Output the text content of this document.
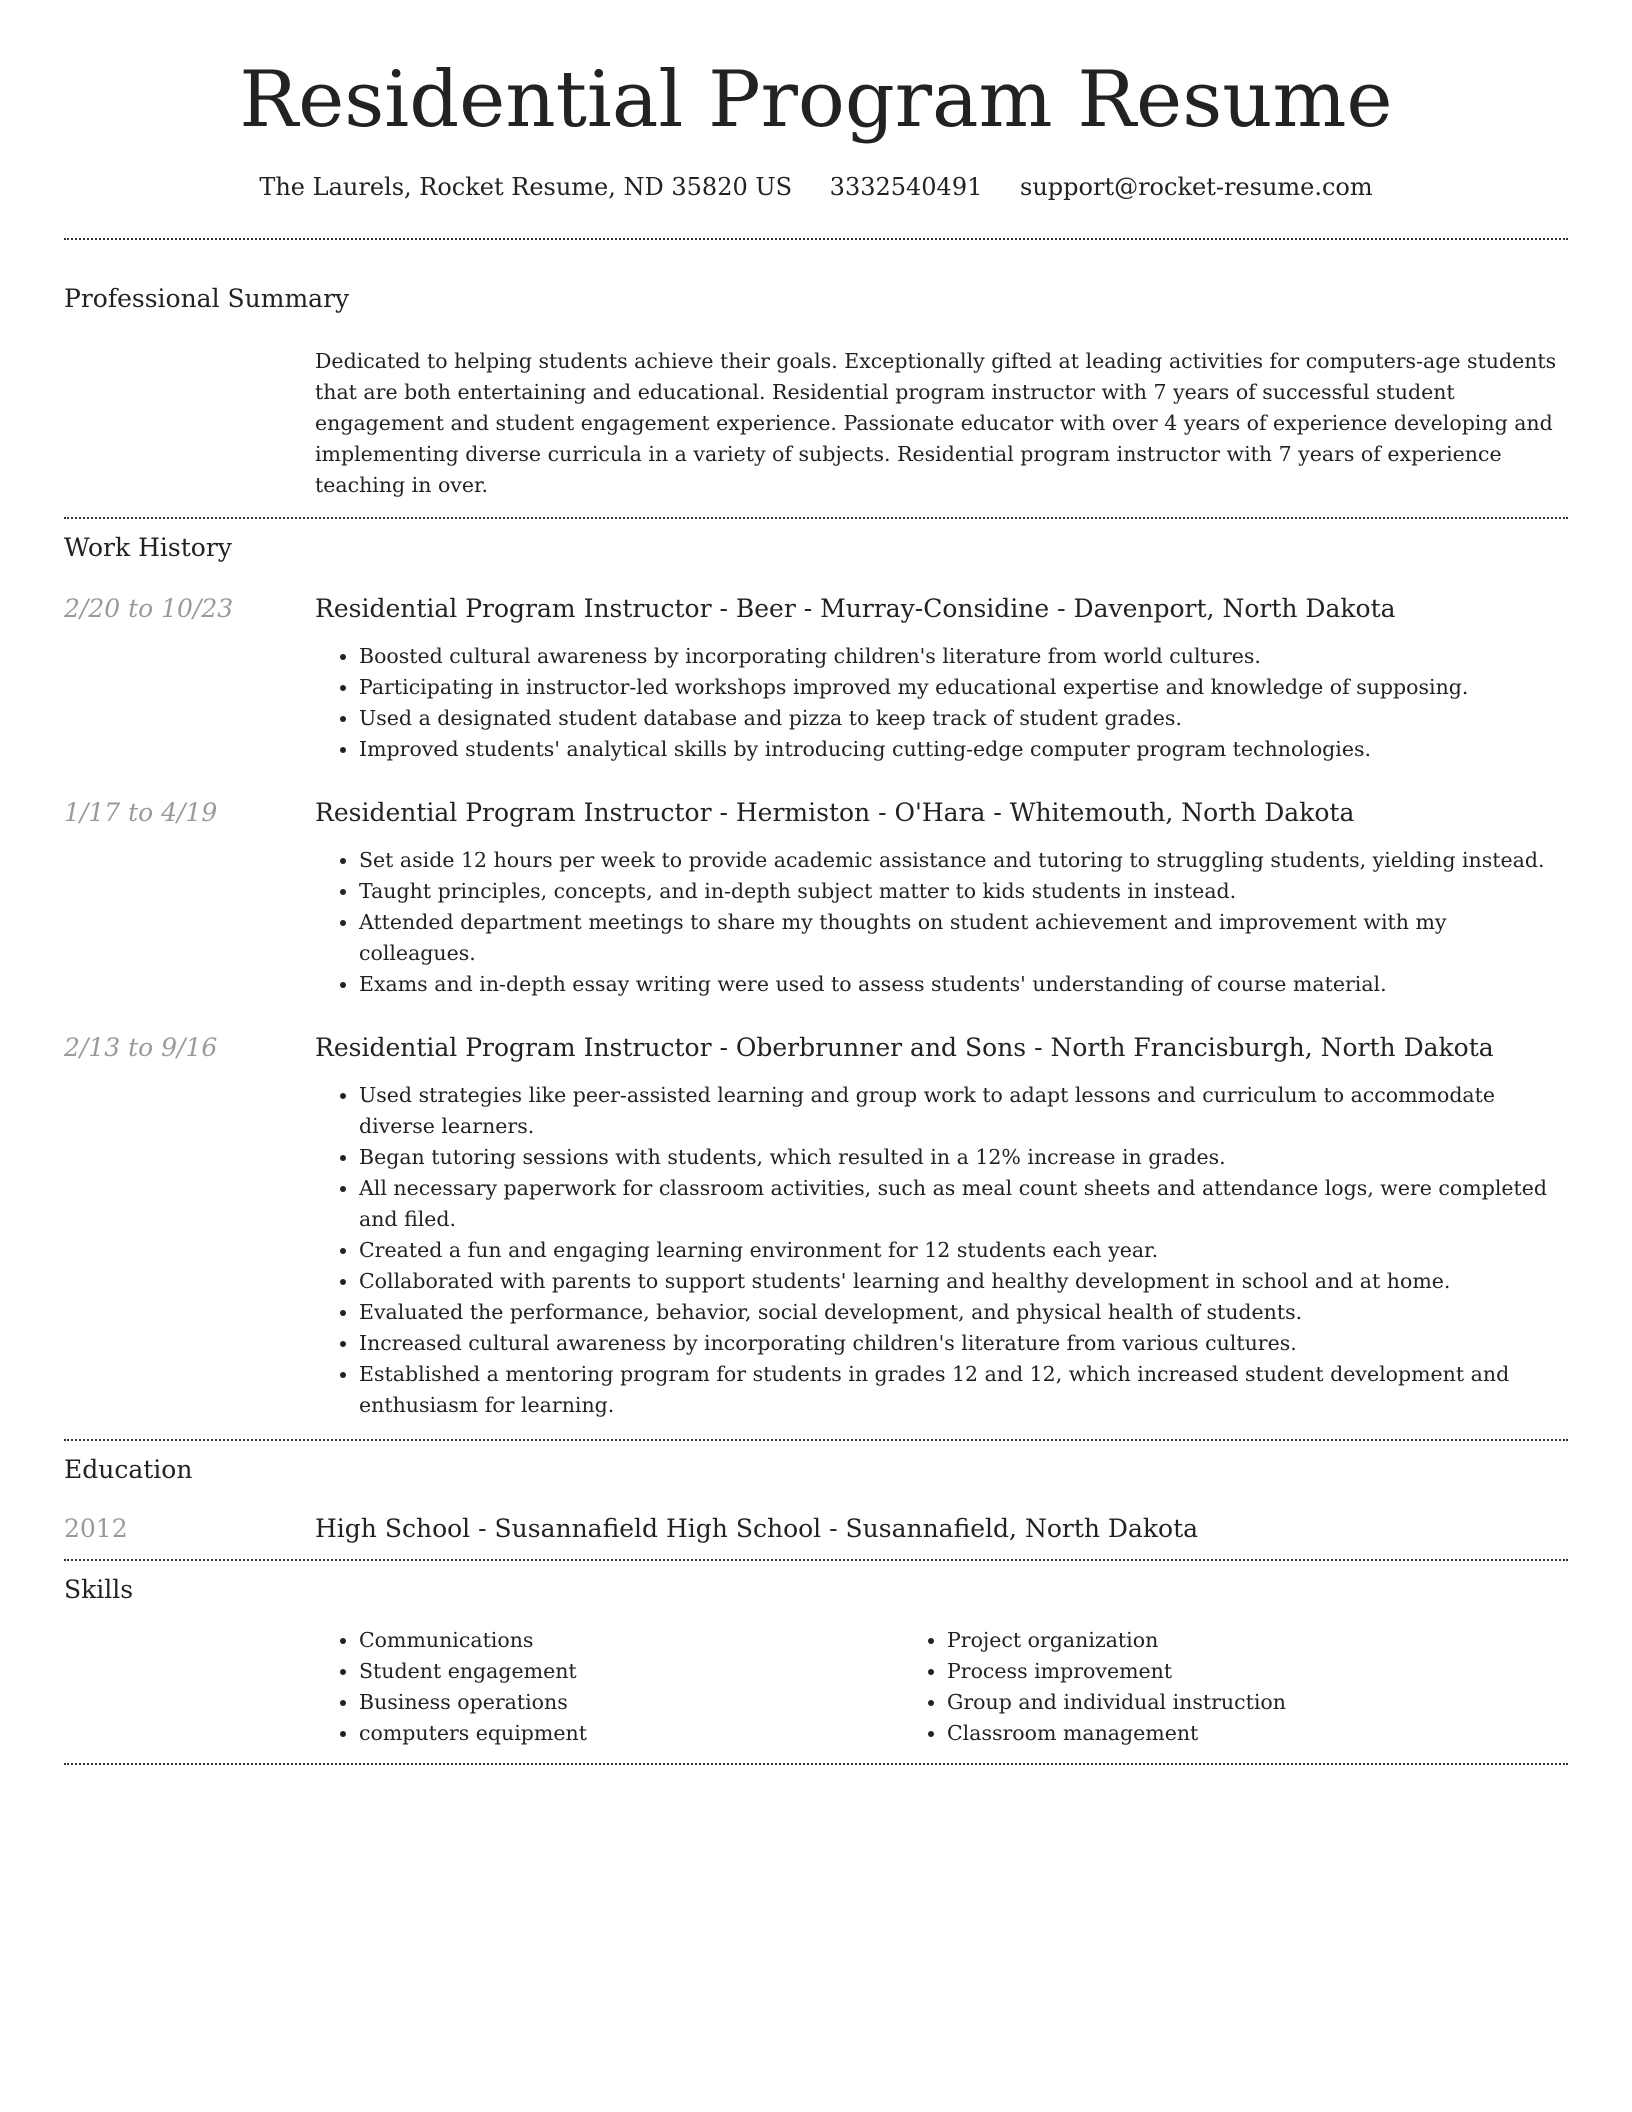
Residential Program Resume
The Laurels, Rocket Resume, ND 35820 US 3332540491 support@rocket-resume.com
Professional Summary
Dedicated to helping students achieve their goals. Exceptionally gifted at leading activities for computers-age students that are both entertaining and educational. Residential program instructor with 7 years of successful student engagement and student engagement experience. Passionate educator with over 4 years of experience developing and implementing diverse curricula in a variety of subjects. Residential program instructor with 7 years of experience teaching in over.
Work History
2/20 to 10/23	Residential Program Instructor - Beer - Murray-Considine - Davenport, North Dakota
• Boosted cultural awareness by incorporating children's literature from world cultures.
• Participating in instructor-led workshops improved my educational expertise and knowledge of supposing.
• Used a designated student database and pizza to keep track of student grades.
• Improved students' analytical skills by introducing cutting-edge computer program technologies.
1/17 to 4/19	Residential Program Instructor - Hermiston - O'Hara - Whitemouth, North Dakota
• Set aside 12 hours per week to provide academic assistance and tutoring to struggling students, yielding instead.
• Taught principles, concepts, and in-depth subject matter to kids students in instead.
• Attended department meetings to share my thoughts on student achievement and improvement with my colleagues.
• Exams and in-depth essay writing were used to assess students' understanding of course material.
2/13 to 9/16	Residential Program Instructor - Oberbrunner and Sons - North Francisburgh, North Dakota
• Used strategies like peer-assisted learning and group work to adapt lessons and curriculum to accommodate diverse learners.
• Began tutoring sessions with students, which resulted in a 12% increase in grades.
• All necessary paperwork for classroom activities, such as meal count sheets and attendance logs, were completed and filed.
• Created a fun and engaging learning environment for 12 students each year.
• Collaborated with parents to support students' learning and healthy development in school and at home.
• Evaluated the performance, behavior, social development, and physical health of students.
• Increased cultural awareness by incorporating children's literature from various cultures.
• Established a mentoring program for students in grades 12 and 12, which increased student development and enthusiasm for learning.
Education
2012	High School - Susannafield High School - Susannafield, North Dakota
Skills
• Communications
• Student engagement
• Business operations
• computers equipment
• Project organization
• Process improvement
• Group and individual instruction
• Classroom management
